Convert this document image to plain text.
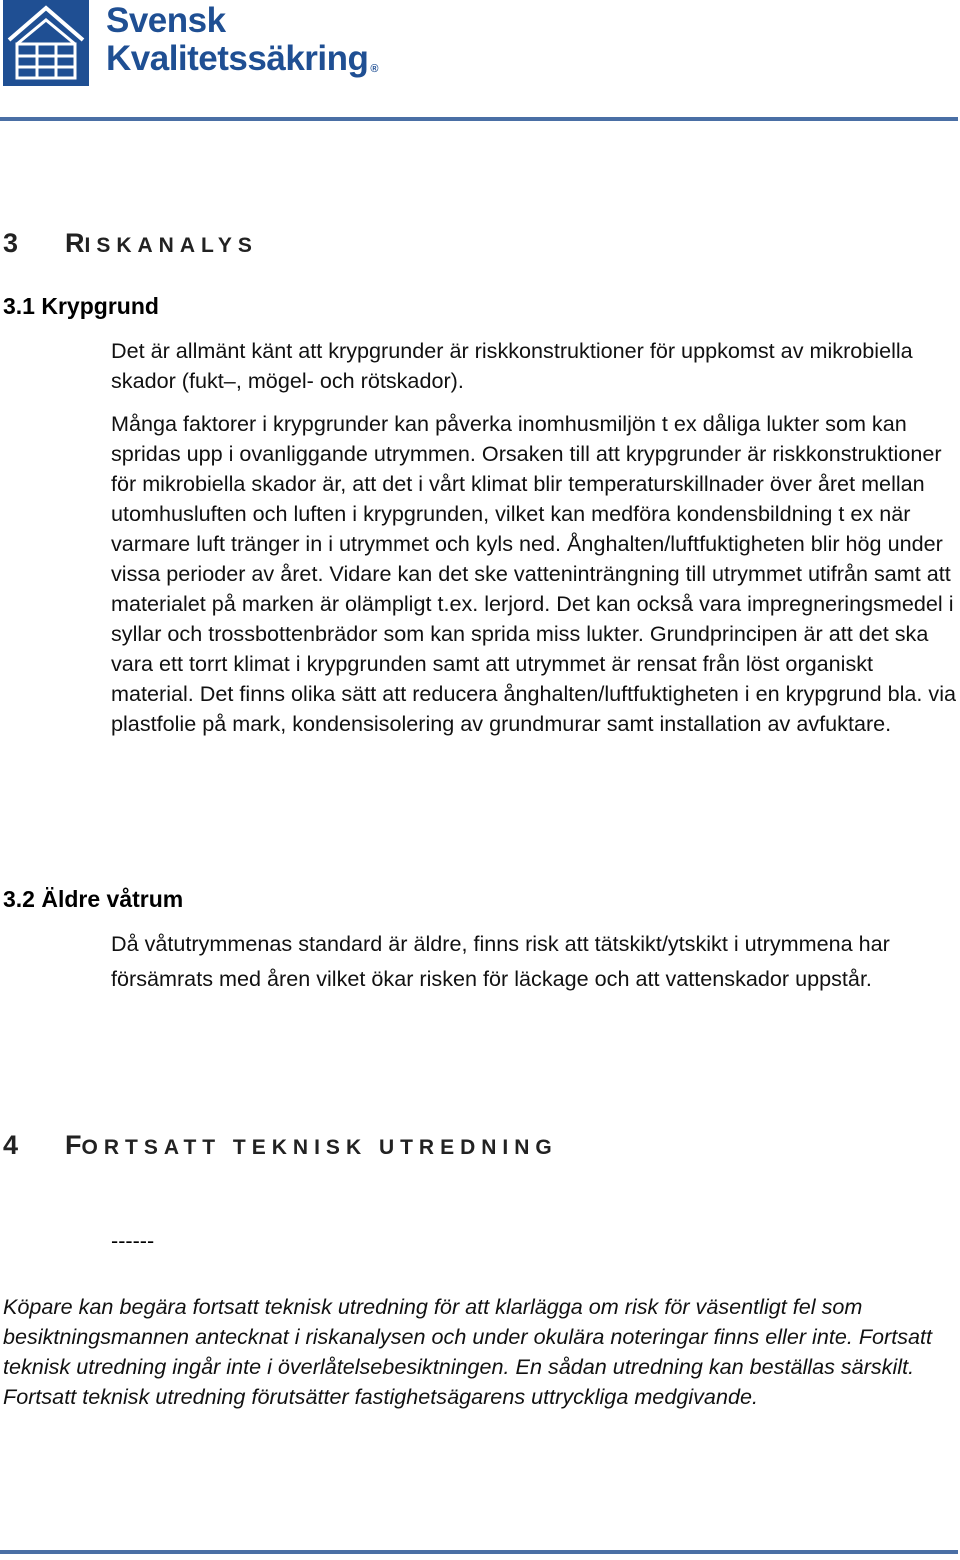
Svensk
Kvalitetssäkring ®
3 RISKANALYS
3.1 Krypgrund
Det är allmänt känt att krypgrunder är riskkonstruktioner för uppkomst av mikrobiella skador (fukt–, mögel- och rötskador).
Många faktorer i krypgrunder kan påverka inomhusmiljön t ex dåliga lukter som kan spridas upp i ovanliggande utrymmen. Orsaken till att krypgrunder är riskkonstruktioner för mikrobiella skador är, att det i vårt klimat blir temperaturskillnader över året mellan utomhusluften och luften i krypgrunden, vilket kan medföra kondensbildning t ex när varmare luft tränger in i utrymmet och kyls ned. Ånghalten/luftfuktigheten blir hög under vissa perioder av året. Vidare kan det ske vatteninträngning till utrymmet utifrån samt att materialet på marken är olämpligt t.ex. lerjord. Det kan också vara impregneringsmedel i syllar och trossbottenbrädor som kan sprida miss lukter. Grundprincipen är att det ska vara ett torrt klimat i krypgrunden samt att utrymmet är rensat från löst organiskt material. Det finns olika sätt att reducera ånghalten/luftfuktigheten i en krypgrund bla. via plastfolie på mark, kondensisolering av grundmurar samt installation av avfuktare.
3.2 Äldre våtrum
Då våtutrymmenas standard är äldre, finns risk att tätskikt/ytskikt i utrymmena har försämrats med åren vilket ökar risken för läckage och att vattenskador uppstår.
4 FORTSATT TEKNISK UTREDNING
------
Köpare kan begära fortsatt teknisk utredning för att klarlägga om risk för väsentligt fel som besiktningsmannen antecknat i riskanalysen och under okulära noteringar finns eller inte. Fortsatt teknisk utredning ingår inte i överlåtelsebesiktningen. En sådan utredning kan beställas särskilt. Fortsatt teknisk utredning förutsätter fastighetsägarens uttryckliga medgivande.
